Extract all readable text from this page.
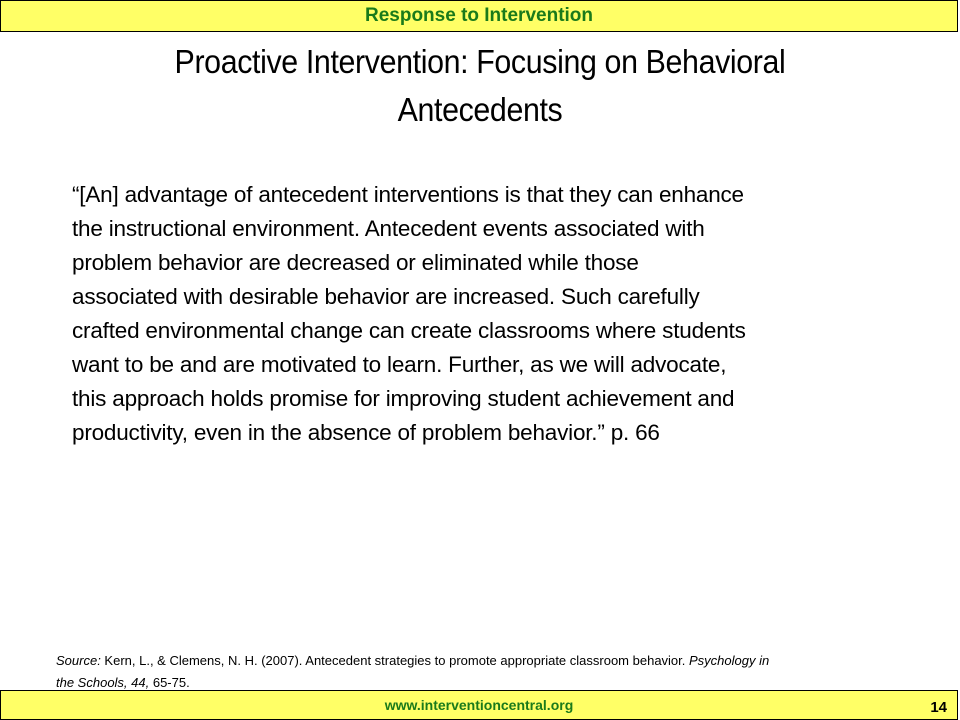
Response to Intervention
Proactive Intervention: Focusing on Behavioral
Antecedents
“[An] advantage of antecedent interventions is that they can enhance
the instructional environment. Antecedent events associated with
problem behavior are decreased or eliminated while those
associated with desirable behavior are increased. Such carefully
crafted environmental change can create classrooms where students
want to be and are motivated to learn. Further, as we will advocate,
this approach holds promise for improving student achievement and
productivity, even in the absence of problem behavior.” p. 66
Source: Kern, L., & Clemens, N. H. (2007). Antecedent strategies to promote appropriate classroom behavior. Psychology in
the Schools, 44, 65-75.
www.interventioncentral.org	14
